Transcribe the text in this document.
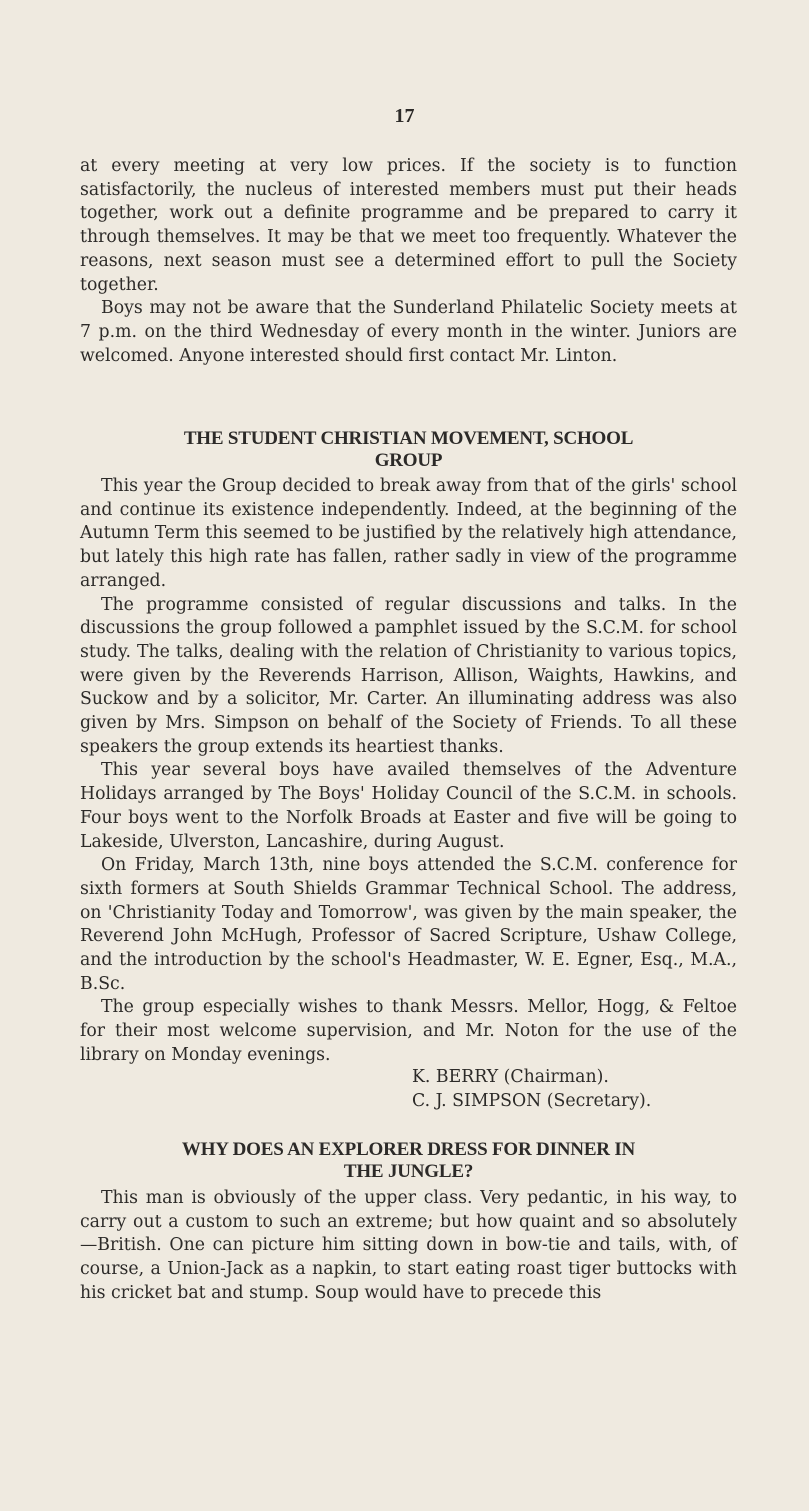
17

at every meeting at very low prices. If the society is to function satisfactorily, the nucleus of interested members must put their heads together, work out a definite programme and be prepared to carry it through themselves. It may be that we meet too frequently. Whatever the reasons, next season must see a determined effort to pull the Society together.

Boys may not be aware that the Sunderland Philatelic Society meets at 7 p.m. on the third Wednesday of every month in the winter. Juniors are welcomed. Anyone interested should first contact Mr. Linton.

THE STUDENT CHRISTIAN MOVEMENT, SCHOOL
GROUP

This year the Group decided to break away from that of the girls' school and continue its existence independently. Indeed, at the beginning of the Autumn Term this seemed to be justified by the relatively high attendance, but lately this high rate has fallen, rather sadly in view of the programme arranged.

The programme consisted of regular discussions and talks. In the discussions the group followed a pamphlet issued by the S.C.M. for school study. The talks, dealing with the relation of Christianity to various topics, were given by the Reverends Harrison, Allison, Waights, Hawkins, and Suckow and by a solicitor, Mr. Carter. An illuminating address was also given by Mrs. Simpson on behalf of the Society of Friends. To all these speakers the group extends its heartiest thanks.

This year several boys have availed themselves of the Adventure Holidays arranged by The Boys' Holiday Council of the S.C.M. in schools. Four boys went to the Norfolk Broads at Easter and five will be going to Lakeside, Ulverston, Lancashire, during August.

On Friday, March 13th, nine boys attended the S.C.M. conference for sixth formers at South Shields Grammar Technical School. The address, on 'Christianity Today and Tomorrow', was given by the main speaker, the Reverend John McHugh, Professor of Sacred Scripture, Ushaw College, and the introduction by the school's Headmaster, W. E. Egner, Esq., M.A., B.Sc.

The group especially wishes to thank Messrs. Mellor, Hogg, & Feltoe for their most welcome supervision, and Mr. Noton for the use of the library on Monday evenings.

K. BERRY (Chairman).
C. J. SIMPSON (Secretary).
WHY DOES AN EXPLORER DRESS FOR DINNER IN
THE JUNGLE?

This man is obviously of the upper class. Very pedantic, in his way, to carry out a custom to such an extreme; but how quaint and so absolutely—British. One can picture him sitting down in bow-tie and tails, with, of course, a Union-Jack as a napkin, to start eating roast tiger buttocks with his cricket bat and stump. Soup would have to precede this
